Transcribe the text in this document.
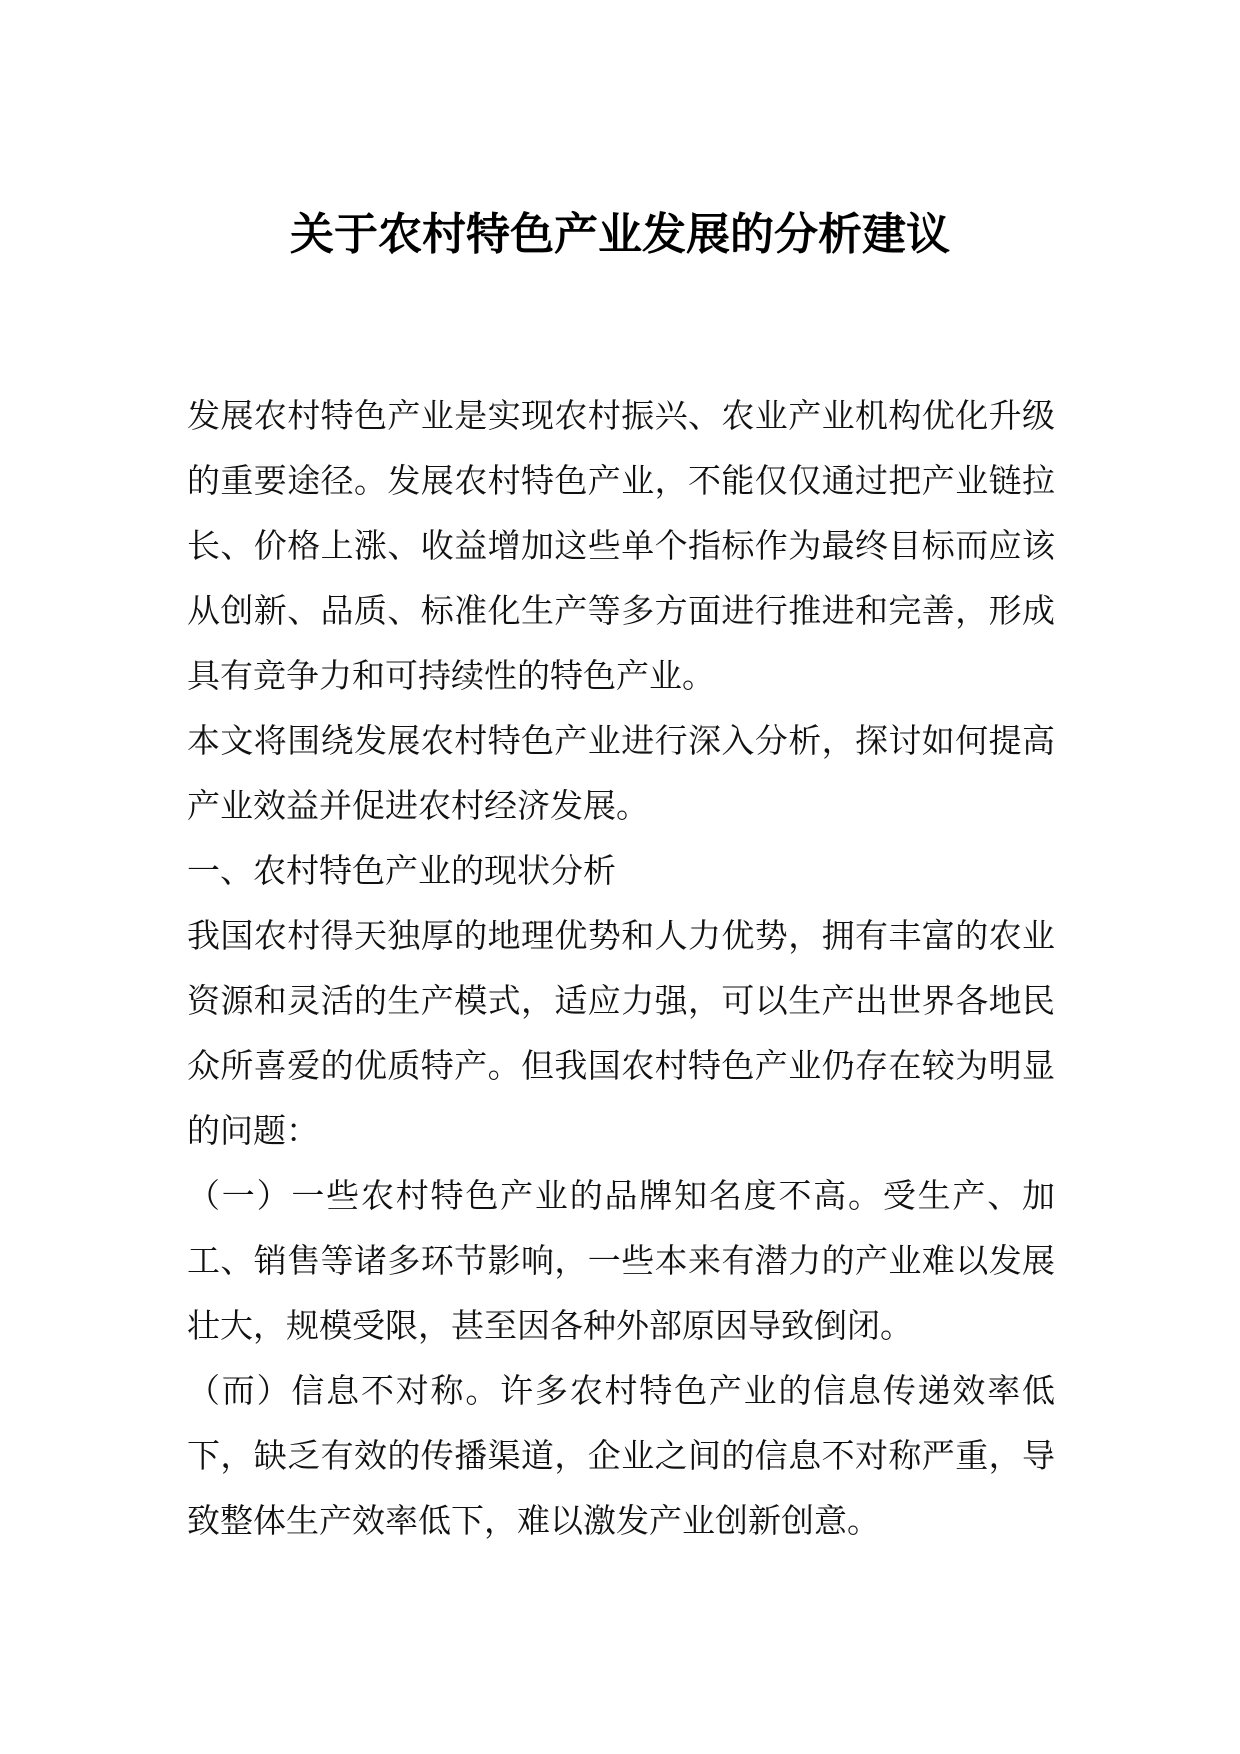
关于农村特色产业发展的分析建议

发展农村特色产业是实现农村振兴、农业产业机构优化升级的重要途径。发展农村特色产业，不能仅仅通过把产业链拉长、价格上涨、收益增加这些单个指标作为最终目标而应该从创新、品质、标准化生产等多方面进行推进和完善，形成具有竞争力和可持续性的特色产业。

本文将围绕发展农村特色产业进行深入分析，探讨如何提高产业效益并促进农村经济发展。

一、农村特色产业的现状分析

我国农村得天独厚的地理优势和人力优势，拥有丰富的农业资源和灵活的生产模式，适应力强，可以生产出世界各地民众所喜爱的优质特产。但我国农村特色产业仍存在较为明显的问题：

（一）一些农村特色产业的品牌知名度不高。受生产、加工、销售等诸多环节影响，一些本来有潜力的产业难以发展壮大，规模受限，甚至因各种外部原因导致倒闭。

（而）信息不对称。许多农村特色产业的信息传递效率低下，缺乏有效的传播渠道，企业之间的信息不对称严重，导致整体生产效率低下，难以激发产业创新创意。
